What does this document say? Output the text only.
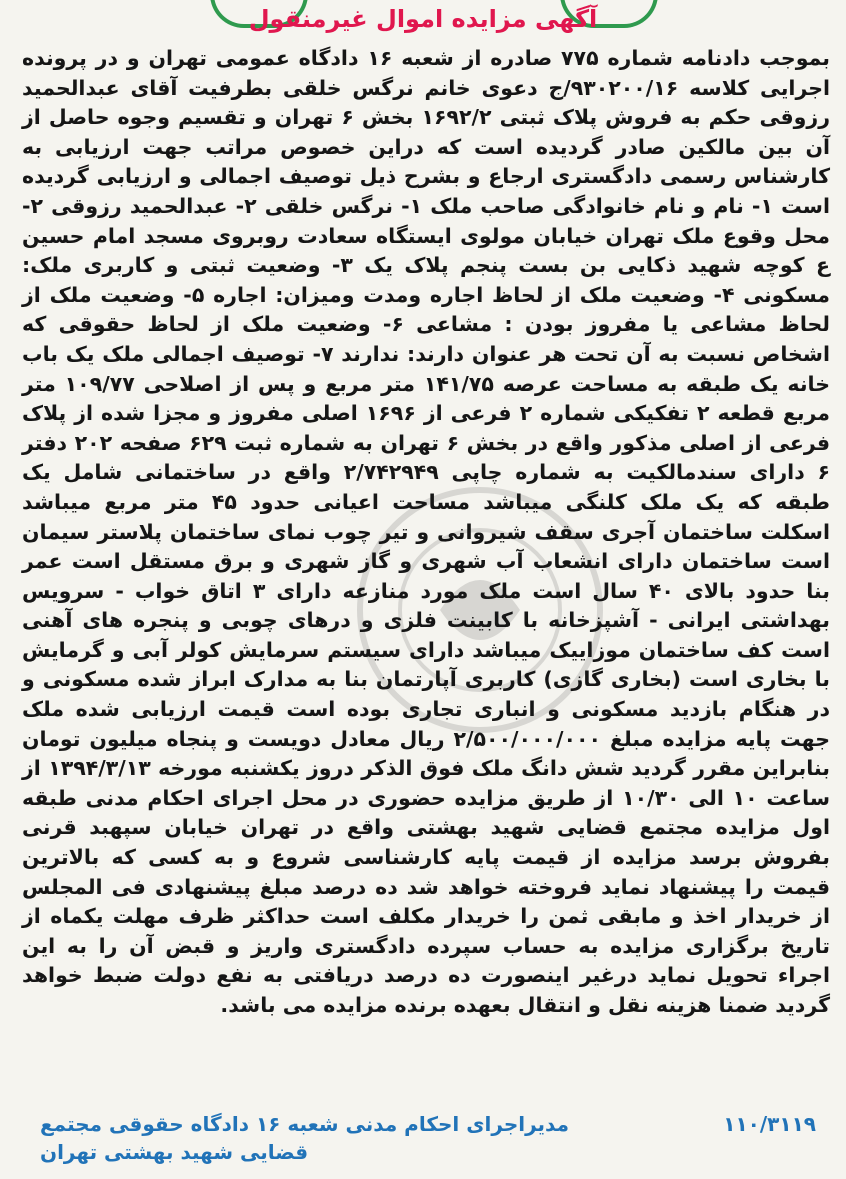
آگهی مزایده اموال غیرمنقول
بموجب دادنامه شماره ۷۷۵ صادره از شعبه ۱۶ دادگاه عمومی تهران و در پرونده اجرایی کلاسه ۹۳۰۲۰۰/۱۶/ج دعوی خانم نرگس خلقی بطرفیت آقای عبدالحمید رزوقی حکم به فروش پلاک ثبتی ۱۶۹۲/۲ بخش ۶ تهران و تقسیم وجوه حاصل از آن بین مالکین صادر گردیده است که دراین خصوص مراتب جهت ارزیابی به کارشناس رسمی دادگستری ارجاع و بشرح ذیل توصیف اجمالی و ارزیابی گردیده است ۱- نام و نام خانوادگی صاحب ملک ۱- نرگس خلقی ۲- عبدالحمید رزوقی ۲- محل وقوع ملک تهران خیابان مولوی ایستگاه سعادت روبروی مسجد امام حسین ع کوچه شهید ذکایی بن بست پنجم پلاک یک ۳- وضعیت ثبتی و کاربری ملک: مسکونی ۴- وضعیت ملک از لحاظ اجاره ومدت ومیزان: اجاره ۵- وضعیت ملک از لحاظ مشاعی یا مفروز بودن : مشاعی ۶- وضعیت ملک از لحاظ حقوقی که اشخاص نسبت به آن تحت هر عنوان دارند: ندارند ۷- توصیف اجمالی ملک یک باب خانه یک طبقه به مساحت عرصه ۱۴۱/۷۵ متر مربع و پس از اصلاحی ۱۰۹/۷۷ متر مربع قطعه ۲ تفکیکی شماره ۲ فرعی از ۱۶۹۶ اصلی مفروز و مجزا شده از پلاک فرعی از اصلی مذکور واقع در بخش ۶ تهران به شماره ثبت ۶۲۹ صفحه ۲۰۲ دفتر ۶ دارای سندمالکیت به شماره چاپی ۲/۷۴۲۹۴۹ واقع در ساختمانی شامل یک طبقه که یک ملک کلنگی میباشد مساحت اعیانی حدود ۴۵ متر مربع میباشد اسکلت ساختمان آجری سقف شیروانی و تیر چوب نمای ساختمان پلاستر سیمان است ساختمان دارای انشعاب آب شهری و گاز شهری و برق مستقل است عمر بنا حدود بالای ۴۰ سال است ملک مورد منازعه دارای ۳ اتاق خواب - سرویس بهداشتی ایرانی - آشپزخانه با کابینت فلزی و درهای چوبی و پنجره های آهنی است کف ساختمان موزاییک میباشد دارای سیستم سرمایش کولر آبی و گرمایش با بخاری است (بخاری گازی) کاربری آپارتمان بنا به مدارک ابراز شده مسکونی و در هنگام بازدید مسکونی و انباری تجاری بوده است قیمت ارزیابی شده ملک جهت پایه مزایده مبلغ ۲/۵۰۰/۰۰۰/۰۰۰ ریال معادل دویست و پنجاه میلیون تومان بنابراین مقرر گردید شش دانگ ملک فوق الذکر دروز یکشنبه مورخه ۱۳۹۴/۳/۱۳ از ساعت ۱۰ الی ۱۰/۳۰ از طریق مزایده حضوری در محل اجرای احکام مدنی طبقه اول مزایده مجتمع قضایی شهید بهشتی واقع در تهران خیابان سپهبد قرنی بفروش برسد مزایده از قیمت پایه کارشناسی شروع و به کسی که بالاترین قیمت را پیشنهاد نماید فروخته خواهد شد ده درصد مبلغ پیشنهادی فی المجلس از خریدار اخذ و مابقی ثمن را خریدار مکلف است حداکثر ظرف مهلت یکماه از تاریخ برگزاری مزایده به حساب سپرده دادگستری واریز و قبض آن را به این اجراء تحویل نماید درغیر اینصورت ده درصد دریافتی به نفع دولت ضبط خواهد گردید ضمنا هزینه نقل و انتقال بعهده برنده مزایده می باشد.
۱۱۰/۳۱۱۹
مدیراجرای احکام مدنی شعبه ۱۶ دادگاه حقوقی مجتمع
قضایی شهید بهشتی تهران
